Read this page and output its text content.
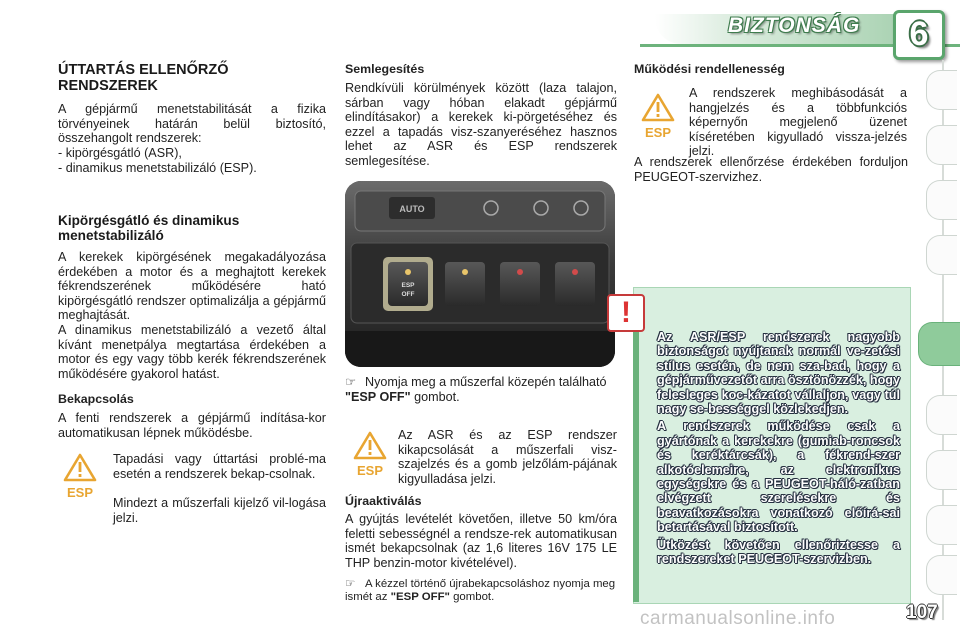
BIZTONSÁG	6
ÚTTARTÁS ELLENŐRZŐ RENDSZEREK
A gépjármű menetstabilitását a fizika törvényeinek határán belül biztosító, összehangolt rendszerek:

- kipörgésgátló (ASR),

- dinamikus menetstabilizáló (ESP).

Kipörgésgátló és dinamikus menetstabilizáló
A kerekek kipörgésének megakadályozása érdekében a motor és a meghajtott kerekek fékrendszerének működésére ható kipörgésgátló rendszer optimalizálja a gépjármű meghajtását.
A dinamikus menetstabilizáló a vezető által kívánt menetpálya megtartása érdekében a motor és egy vagy több kerék fékrendszerének működésére gyakorol hatást.
Bekapcsolás
A fenti rendszerek a gépjármű indítása-kor automatikusan lépnek működésbe.
ESP
Tapadási vagy úttartási problé-ma esetén a rendszerek bekap-csolnak.
Mindezt a műszerfali kijelző vil-logása jelzi.
Semlegesítés
Rendkívüli körülmények között (laza talajon, sárban vagy hóban elakadt gépjármű elindításakor) a kerekek ki-pörgetéséhez és ezzel a tapadás visz-szanyeréséhez hasznos lehet az ASR és ESP rendszerek semlegesítése.
AUTO
ESP
OFF
☞ Nyomja meg a műszerfal közepén található "ESP OFF" gombot.
ESP
Az ASR és az ESP rendszer kikapcsolását a műszerfali visz-szajelzés és a gomb jelzőlám-pájának kigyulladása jelzi.
Újraaktiválás
A gyújtás levételét követően, illetve 50 km/óra feletti sebességnél a rendsze-rek automatikusan ismét bekapcsolnak (az 1,6 literes 16V 175 LE THP benzin-motor kivételével).
☞ A kézzel történő újrabekapcsoláshoz nyomja meg ismét az "ESP OFF" gombot.
Működési rendellenesség
ESP
A rendszerek meghibásodását a hangjelzés és a többfunkciós képernyőn megjelenő üzenet kíséretében kigyulladó vissza-jelzés jelzi.
A rendszerek ellenőrzése érdekében forduljon PEUGEOT-szervizhez.
!

Az ASR/ESP rendszerek nagyobb biztonságot nyújtanak normál ve-zetési stílus esetén, de nem sza-bad, hogy a gépjárművezetőt arra ösztönözzék, hogy felesleges koc-kázatot vállaljon, vagy túl nagy se-bességgel közlekedjen.

A rendszerek működése csak a gyártónak a kerekekre (gumiab-roncsok és keréktárcsák), a fékrend-szer alkotóelemeire, az elektronikus egységekre és a PEUGEOT-háló-zatban elvégzett szerelésekre és beavatkozásokra vonatkozó előírá-sai betartásával biztosított.

Ütközést követően ellenőriztesse a rendszereket PEUGEOT-szervizben.

carmanualsonline.info	107
